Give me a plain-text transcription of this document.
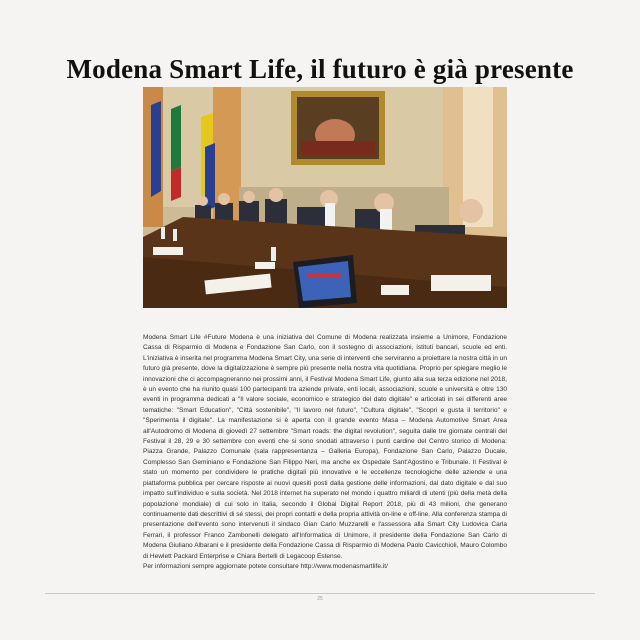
Modena Smart Life, il futuro è già presente

Modena Smart Life #Future Modena è una iniziativa del Comune di Modena realizzata insieme a Unimore, Fondazione Cassa di Risparmio di Modena e Fondazione San Carlo, con il sostegno di associazioni, istituti bancari, scuole ed enti. L'iniziativa è inserita nel programma Modena Smart City, una serie di interventi che serviranno a proiettare la nostra città in un futuro già presente, dove la digitalizzazione è sempre più presente nella nostra vita quotidiana. Proprio per spiegare meglio le innovazioni che ci accompagneranno nei prossimi anni, il Festival Modena Smart Life, giunto alla sua terza edizione nel 2018, è un evento che ha riunito quasi 100 partecipanti tra aziende private, enti locali, associazioni, scuole e università e oltre 130 eventi in programma dedicati a "Il valore sociale, economico e strategico del dato digitale" e articolati in sei differenti aree tematiche: "Smart Education", "Città sostenibile", "Il lavoro nel futuro", "Cultura digitale", "Scopri e gusta il territorio" e "Sperimenta il digitale". La manifestazione si è aperta con il grande evento Masa – Modena Automotive Smart Area all'Autodromo di Modena di giovedì 27 settembre "Smart roads: the digital revolution", seguita dalle tre giornate centrali del Festival il 28, 29 e 30 settembre con eventi che si sono snodati attraverso i punti cardine del Centro storico di Modena: Piazza Grande, Palazzo Comunale (sala rappresentanza – Galleria Europa), Fondazione San Carlo, Palazzo Ducale, Complesso San Geminiano e Fondazione San Filippo Neri, ma anche ex Ospedale Sant'Agostino e Tribunale. Il Festival è stato un momento per condividere le pratiche digitali più innovative e le eccellenze tecnologiche delle aziende e una piattaforma pubblica per cercare risposte ai nuovi quesiti posti dalla gestione delle informazioni, dal dato digitale e dal suo impatto sull'individuo e sulla società. Nel 2018 internet ha superato nel mondo i quattro miliardi di utenti (più della metà della popolazione mondiale) di cui solo in Italia, secondo il Global Digital Report 2018, più di 43 milioni, che generano continuamente dati descrittivi di sé stessi, dei propri contatti e della propria attività on-line e off-line. Alla conferenza stampa di presentazione dell'evento sono intervenuti il sindaco Gian Carlo Muzzarelli e l'assessora alla Smart City Ludovica Carla Ferrari, il professor Franco Zambonelli delegato all'Informatica di Unimore, il presidente della Fondazione San Carlo di Modena Giuliano Albarani e il presidente della Fondazione Cassa di Risparmio di Modena Paolo Cavicchioli, Mauro Colombo di Hewlett Packard Enterprise e Chiara Bertelli di Legacoop Estense.

Per informazioni sempre aggiornate potete consultare http://www.modenasmartlife.it/

25
